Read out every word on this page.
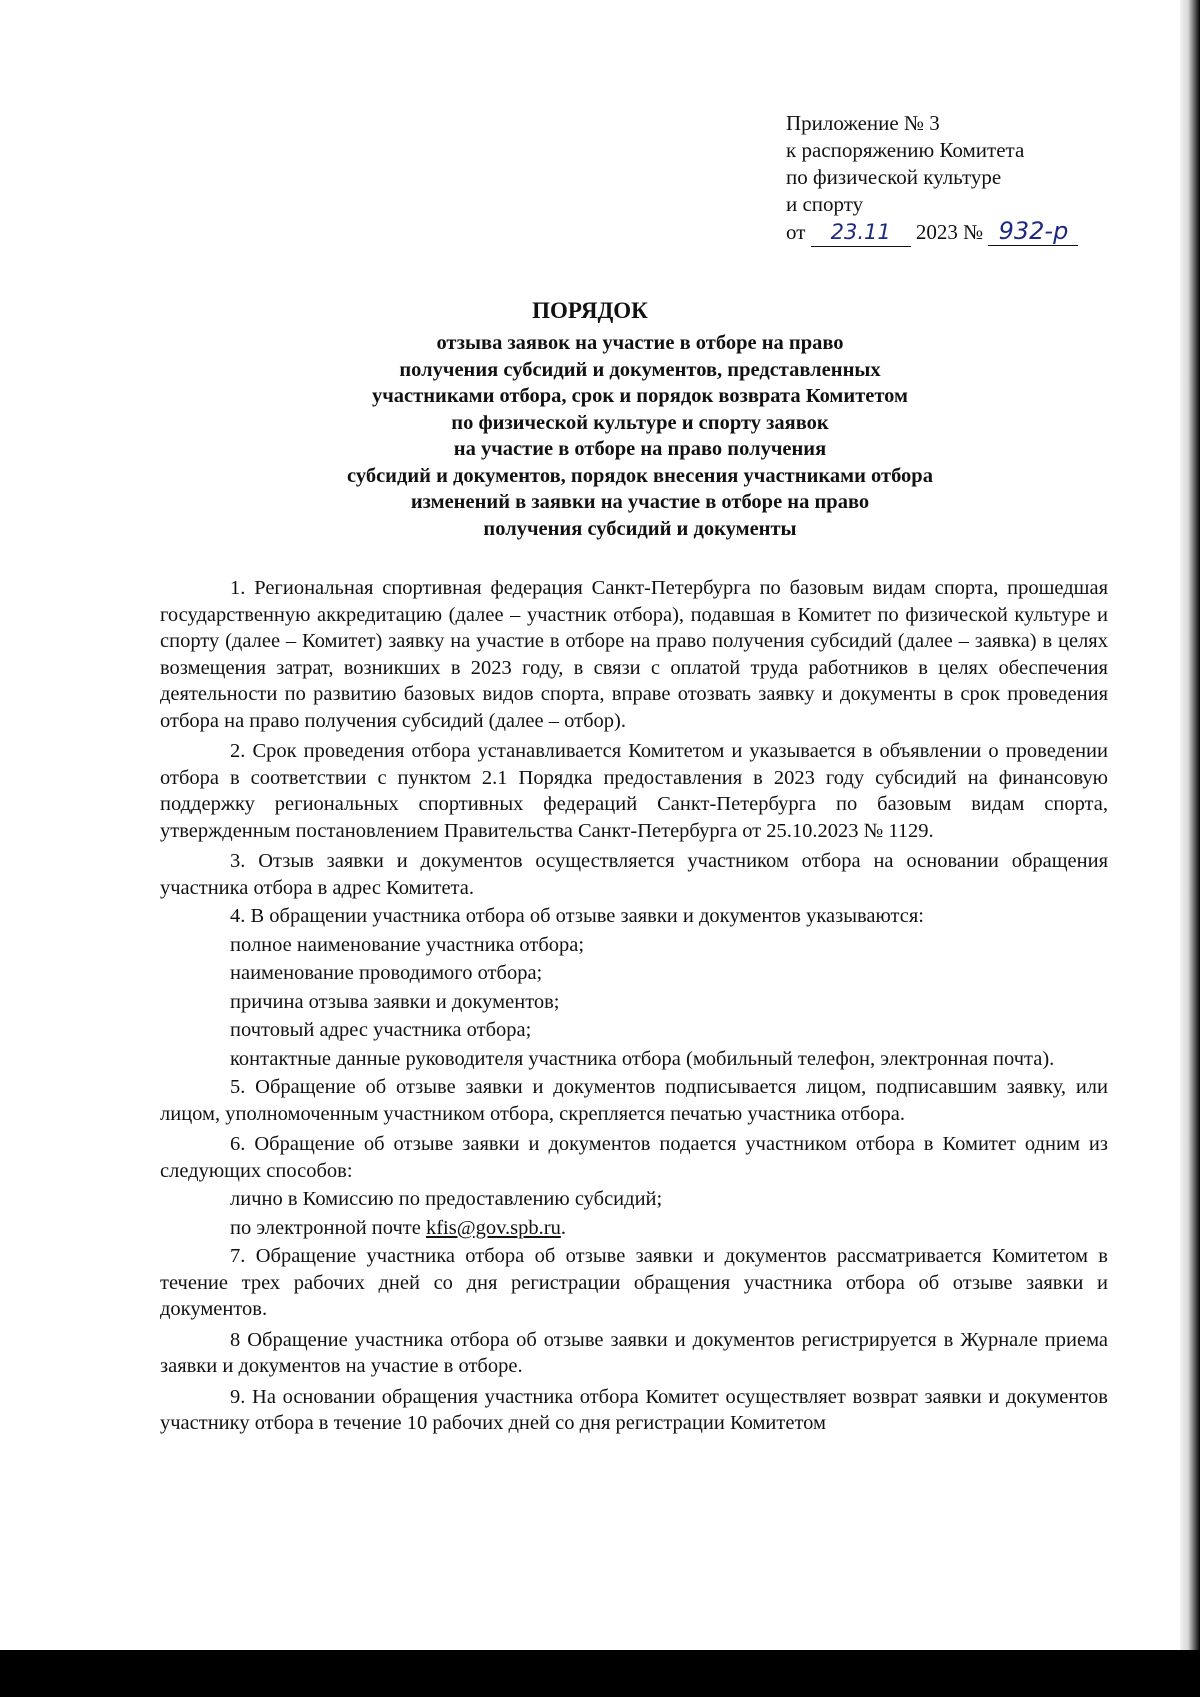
Приложение № 3
к распоряжению Комитета
по физической культуре
и спорту
от 23.11 2023 № 932-р
ПОРЯДОК
отзыва заявок на участие в отборе на право
получения субсидий и документов, представленных
участниками отбора, срок и порядок возврата Комитетом
по физической культуре и спорту заявок
на участие в отборе на право получения
субсидий и документов, порядок внесения участниками отбора
изменений в заявки на участие в отборе на право
получения субсидий и документы

1. Региональная спортивная федерация Санкт-Петербурга по базовым видам спорта, прошедшая государственную аккредитацию (далее – участник отбора), подавшая в Комитет по физической культуре и спорту (далее – Комитет) заявку на участие в отборе на право получения субсидий (далее – заявка) в целях возмещения затрат, возникших в 2023 году, в связи с оплатой труда работников в целях обеспечения деятельности по развитию базовых видов спорта, вправе отозвать заявку и документы в срок проведения отбора на право получения субсидий (далее – отбор).

2. Срок проведения отбора устанавливается Комитетом и указывается в объявлении о проведении отбора в соответствии с пунктом 2.1 Порядка предоставления в 2023 году субсидий на финансовую поддержку региональных спортивных федераций Санкт-Петербурга по базовым видам спорта, утвержденным постановлением Правительства Санкт-Петербурга от 25.10.2023 № 1129.

3. Отзыв заявки и документов осуществляется участником отбора на основании обращения участника отбора в адрес Комитета.

4. В обращении участника отбора об отзыве заявки и документов указываются:

полное наименование участника отбора;

наименование проводимого отбора;

причина отзыва заявки и документов;

почтовый адрес участника отбора;

контактные данные руководителя участника отбора (мобильный телефон, электронная почта).

5. Обращение об отзыве заявки и документов подписывается лицом, подписавшим заявку, или лицом, уполномоченным участником отбора, скрепляется печатью участника отбора.

6. Обращение об отзыве заявки и документов подается участником отбора в Комитет одним из следующих способов:

лично в Комиссию по предоставлению субсидий;

по электронной почте kfis@gov.spb.ru.

7. Обращение участника отбора об отзыве заявки и документов рассматривается Комитетом в течение трех рабочих дней со дня регистрации обращения участника отбора об отзыве заявки и документов.

8 Обращение участника отбора об отзыве заявки и документов регистрируется в Журнале приема заявки и документов на участие в отборе.

9. На основании обращения участника отбора Комитет осуществляет возврат заявки и документов участнику отбора в течение 10 рабочих дней со дня регистрации Комитетом
